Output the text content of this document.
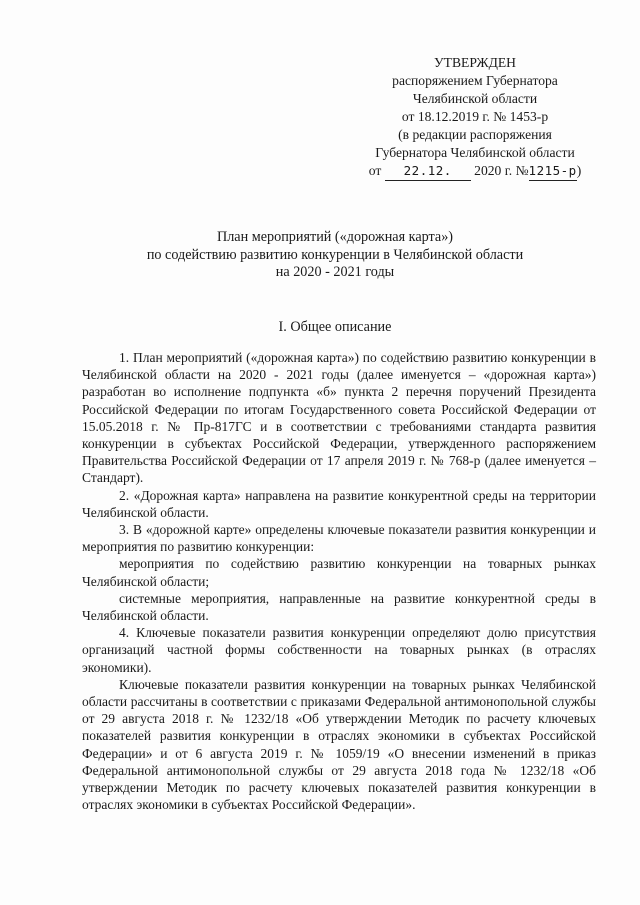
УТВЕРЖДЕН
распоряжением Губернатора
Челябинской области
от 18.12.2019 г. № 1453-р
(в редакции распоряжения
Губернатора Челябинской области
от 22.12. 2020 г. №1215-р)
План мероприятий («дорожная карта»)
по содействию развитию конкуренции в Челябинской области
на 2020 - 2021 годы
I. Общее описание

1. План мероприятий («дорожная карта») по содействию развитию конкуренции в Челябинской области на 2020 - 2021 годы (далее именуется – «дорожная карта») разработан во исполнение подпункта «б» пункта 2 перечня поручений Президента Российской Федерации по итогам Государственного совета Российской Федерации от 15.05.2018 г. № Пр-817ГС и в соответствии с требованиями стандарта развития конкуренции в субъектах Российской Федерации, утвержденного распоряжением Правительства Российской Федерации от 17 апреля 2019 г. № 768-р (далее именуется – Стандарт).

2. «Дорожная карта» направлена на развитие конкурентной среды на территории Челябинской области.

3. В «дорожной карте» определены ключевые показатели развития конкуренции и мероприятия по развитию конкуренции:

мероприятия по содействию развитию конкуренции на товарных рынках Челябинской области;

системные мероприятия, направленные на развитие конкурентной среды в Челябинской области.

4. Ключевые показатели развития конкуренции определяют долю присутствия организаций частной формы собственности на товарных рынках (в отраслях экономики).

Ключевые показатели развития конкуренции на товарных рынках Челябинской области рассчитаны в соответствии с приказами Федеральной антимонопольной службы от 29 августа 2018 г. № 1232/18 «Об утверждении Методик по расчету ключевых показателей развития конкуренции в отраслях экономики в субъектах Российской Федерации» и от 6 августа 2019 г. № 1059/19 «О внесении изменений в приказ Федеральной антимонопольной службы от 29 августа 2018 года № 1232/18 «Об утверждении Методик по расчету ключевых показателей развития конкуренции в отраслях экономики в субъектах Российской Федерации».
